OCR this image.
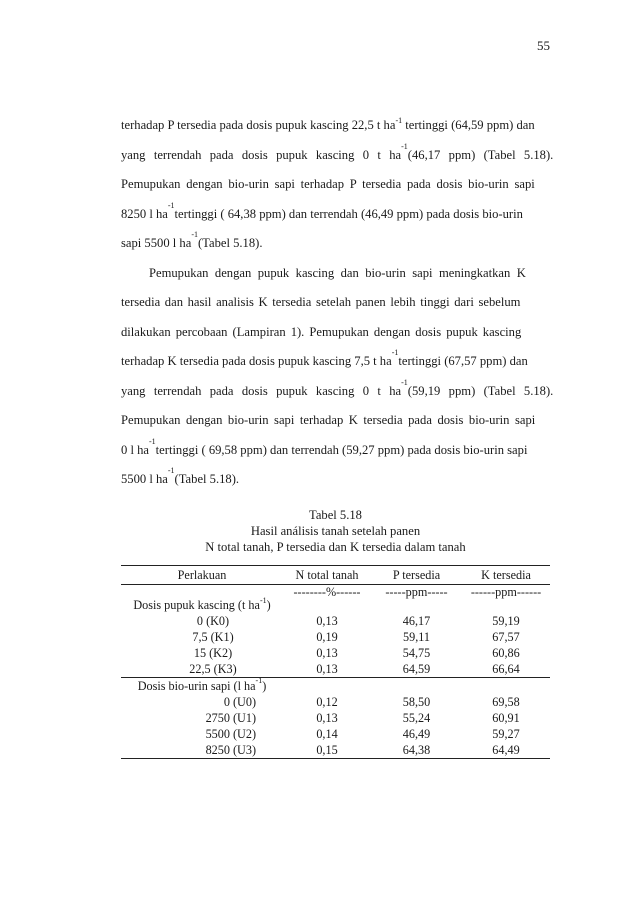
55
terhadap P tersedia pada dosis pupuk kascing 22,5 t $ha^{-1}$ tertinggi (64,59 ppm) dan
yang terrendah pada dosis pupuk kascing 0 t ha
$^{-1}$
(46,17 ppm) (Tabel 5.18).
Pemupukan dengan bio-urin sapi terhadap P tersedia pada dosis bio-urin sapi
8250 l ha
$^{-1}$
tertinggi ( 64,38 ppm) dan terrendah (46,49 ppm) pada dosis bio-urin
sapi 5500 l ha
$^{-1}$
(Tabel 5.18).
Pemupukan dengan pupuk kascing dan bio-urin sapi meningkatkan K
tersedia dan hasil analisis K tersedia setelah panen lebih tinggi dari sebelum
dilakukan percobaan (Lampiran 1). Pemupukan dengan dosis pupuk kascing
terhadap K tersedia pada dosis pupuk kascing 7,5 t ha
$^{-1}$
tertinggi (67,57 ppm) dan
yang terrendah pada dosis pupuk kascing 0 t ha
$^{-1}$
(59,19 ppm) (Tabel 5.18).
Pemupukan dengan bio-urin sapi terhadap K tersedia pada dosis bio-urin sapi
0 l ha
$^{-1}$
tertinggi ( 69,58 ppm) dan terrendah (59,27 ppm) pada dosis bio-urin sapi
5500 l ha
$^{-1}$
(Tabel 5.18).
Tabel 5.18
Hasil análisis tanah setelah panen
N total tanah, P tersedia dan K tersedia dalam tanah
Perlakuan	N total tanah	P tersedia	K tersedia
Dosis pupuk kascing (t $ha^{-1}$)	--------%------	-----ppm-----	------ppm------
0 (K0)	0,13	46,17	59,19
7,5 (K1)	0,19	59,11	67,57
15 (K2)	0,13	54,75	60,86
22,5 (K3)	0,13	64,59	66,64
Dosis bio-urin sapi (l $ha^{-1}$)			
0 (U0)	0,12	58,50	69,58
2750 (U1)	0,13	55,24	60,91
5500 (U2)	0,14	46,49	59,27
8250 (U3)	0,15	64,38	64,49
